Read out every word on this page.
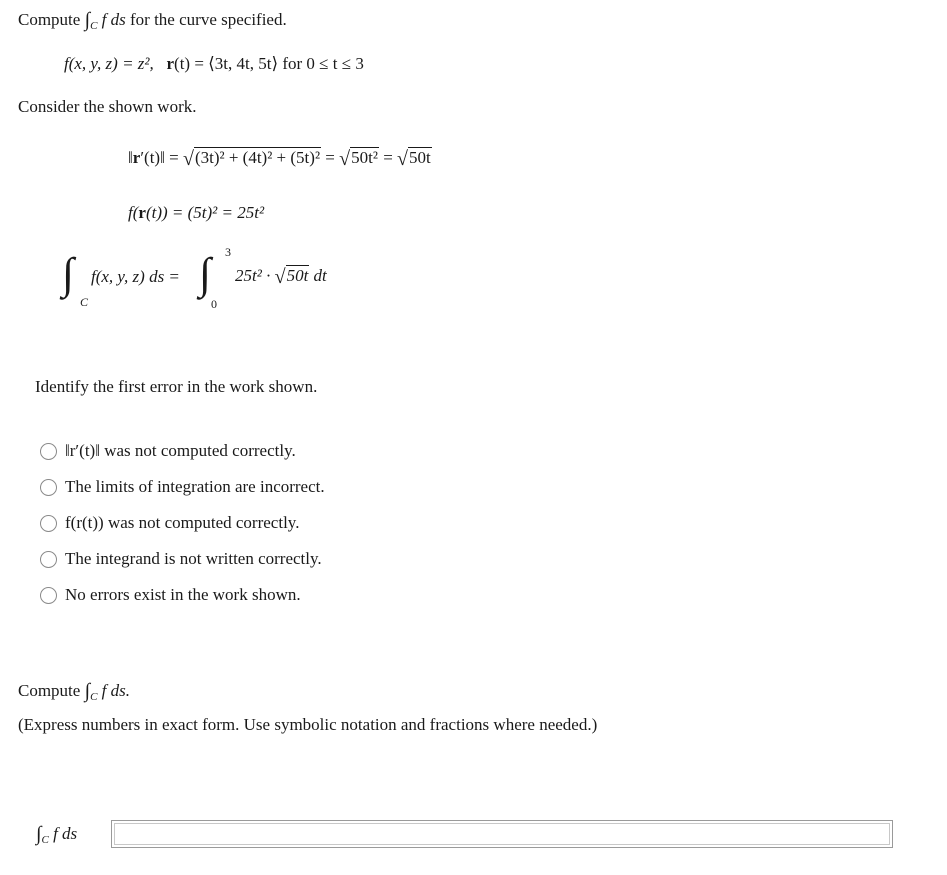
Compute $\int_C$ f ds for the curve specified.
f(x, y, z) = z², r(t) = ⟨3t, 4t, 5t⟩ for 0 ≤ t ≤ 3
Consider the shown work.
‖r′(t)‖ = √(3t)² + (4t)² + (5t)² = √50t² = √50t
f(r(t)) = (5t)² = 25t²
∫
C
f(x, y, z) ds = ∫ 3
0
25t² · √50t dt
Identify the first error in the work shown.
‖r′(t)‖ was not computed correctly.
The limits of integration are incorrect.
f(r(t)) was not computed correctly.
The integrand is not written correctly.
No errors exist in the work shown.
Compute $\int_C$ f ds.
(Express numbers in exact form. Use symbolic notation and fractions where needed.)
$\int_C$ f ds
